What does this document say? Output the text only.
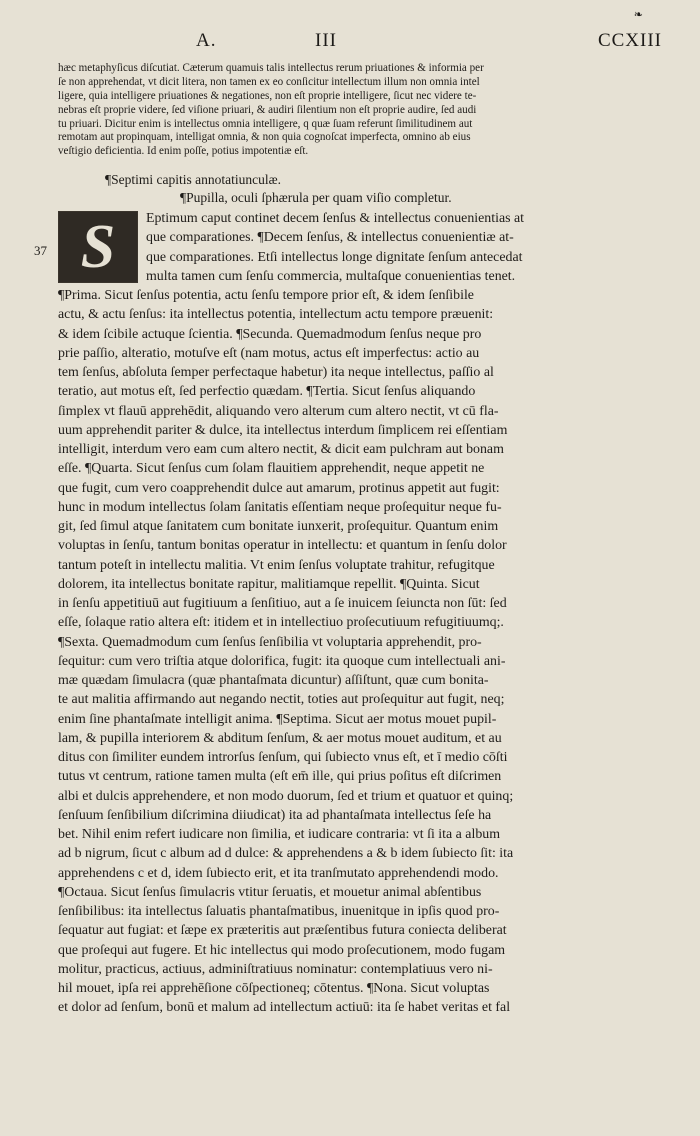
❧
A.	III	CCXIII
hæc metaphyſicus diſcutiat. Cæterum quamuis talis intellectus rerum priuationes & informia per
ſe non apprehendat, vt dicit litera, non tamen ex eo conſicitur intellectum illum non omnia intel
ligere, quia intelligere priuationes & negationes, non eſt proprie intelligere, ſicut nec videre te-
nebras eſt proprie videre, ſed viſione priuari, & audiri ſilentium non eſt proprie audire, ſed audi
tu priuari. Dicitur enim is intellectus omnia intelligere, q quæ ſuam referunt ſimilitudinem aut
remotam aut propinquam, intelligat omnia, & non quia cognoſcat imperfecta, omnino ab eius
veſtigio deficientia. Id enim poſſe, potius impotentiæ eſt.
¶Septimi capitis annotatiunculæ.
¶Pupilla, oculi ſphærula per quam viſio completur.
37 S	Eptimum caput continet decem ſenſus & intellectus conuenientias at
que comparationes. ¶Decem ſenſus, & intellectus conuenientiæ at-
que comparationes. Etſi intellectus longe dignitate ſenſum antecedat
multa tamen cum ſenſu commercia, multaſque conuenientias tenet.
¶Prima. Sicut ſenſus potentia, actu ſenſu tempore prior eſt, & idem ſenſibile
actu, & actu ſenſus: ita intellectus potentia, intellectum actu tempore præuenit:
& idem ſcibile actuque ſcientia. ¶Secunda. Quemadmodum ſenſus neque pro
prie paſſio, alteratio, motuſve eſt (nam motus, actus eſt imperfectus: actio au
tem ſenſus, abſoluta ſemper perfectaque habetur) ita neque intellectus, paſſio al
teratio, aut motus eſt, ſed perfectio quædam. ¶Tertia. Sicut ſenſus aliquando
ſimplex vt flauū apprehēdit, aliquando vero alterum cum altero nectit, vt cū fla-
uum apprehendit pariter & dulce, ita intellectus interdum ſimplicem rei eſſentiam
intelligit, interdum vero eam cum altero nectit, & dicit eam pulchram aut bonam
eſſe. ¶Quarta. Sicut ſenſus cum ſolam flauitiem apprehendit, neque appetit ne
que fugit, cum vero coapprehendit dulce aut amarum, protinus appetit aut fugit:
hunc in modum intellectus ſolam ſanitatis eſſentiam neque proſequitur neque fu-
git, ſed ſimul atque ſanitatem cum bonitate iunxerit, proſequitur. Quantum enim
voluptas in ſenſu, tantum bonitas operatur in intellectu: et quantum in ſenſu dolor
tantum poteſt in intellectu malitia. Vt enim ſenſus voluptate trahitur, refugitque
dolorem, ita intellectus bonitate rapitur, malitiamque repellit. ¶Quinta. Sicut
in ſenſu appetitiuū aut fugitiuum a ſenſitiuo, aut a ſe inuicem ſeiuncta non ſūt: ſed
eſſe, ſolaque ratio altera eſt: itidem et in intellectiuo proſecutiuum refugitiuumq;.
¶Sexta. Quemadmodum cum ſenſus ſenſibilia vt voluptaria apprehendit, pro-
ſequitur: cum vero triſtia atque dolorifica, fugit: ita quoque cum intellectuali ani-
mæ quædam ſimulacra (quæ phantaſmata dicuntur) aſſiſtunt, quæ cum bonita-
te aut malitia affirmando aut negando nectit, toties aut proſequitur aut fugit, neq;
enim ſine phantaſmate intelligit anima. ¶Septima. Sicut aer motus mouet pupil-
lam, & pupilla interiorem & abditum ſenſum, & aer motus mouet auditum, et au
ditus con ſimiliter eundem introrſus ſenſum, qui ſubiecto vnus eſt, et ī medio cōſti
tutus vt centrum, ratione tamen multa (eſt em̄ ille, qui prius poſitus eſt diſcrimen
albi et dulcis apprehendere, et non modo duorum, ſed et trium et quatuor et quinq;
ſenſuum ſenſibilium diſcrimina diiudicat) ita ad phantaſmata intellectus ſeſe ha
bet. Nihil enim refert iudicare non ſimilia, et iudicare contraria: vt ſi ita a album
ad b nigrum, ſicut c album ad d dulce: & apprehendens a & b idem ſubiecto ſit: ita
apprehendens c et d, idem ſubiecto erit, et ita tranſmutato apprehendendi modo.
¶Octaua. Sicut ſenſus ſimulacris vtitur ſeruatis, et mouetur animal abſentibus
ſenſibilibus: ita intellectus ſaluatis phantaſmatibus, inuenitque in ipſis quod pro-
ſequatur aut fugiat: et ſæpe ex præteritis aut præſentibus futura coniecta deliberat
que proſequi aut fugere. Et hic intellectus qui modo proſecutionem, modo fugam
molitur, practicus, actiuus, adminiſtratiuus nominatur: contemplatiuus vero ni-
hil mouet, ipſa rei apprehēſione cōſpectioneq; cōtentus. ¶Nona. Sicut voluptas
et dolor ad ſenſum, bonū et malum ad intellectum actiuū: ita ſe habet veritas et fal
